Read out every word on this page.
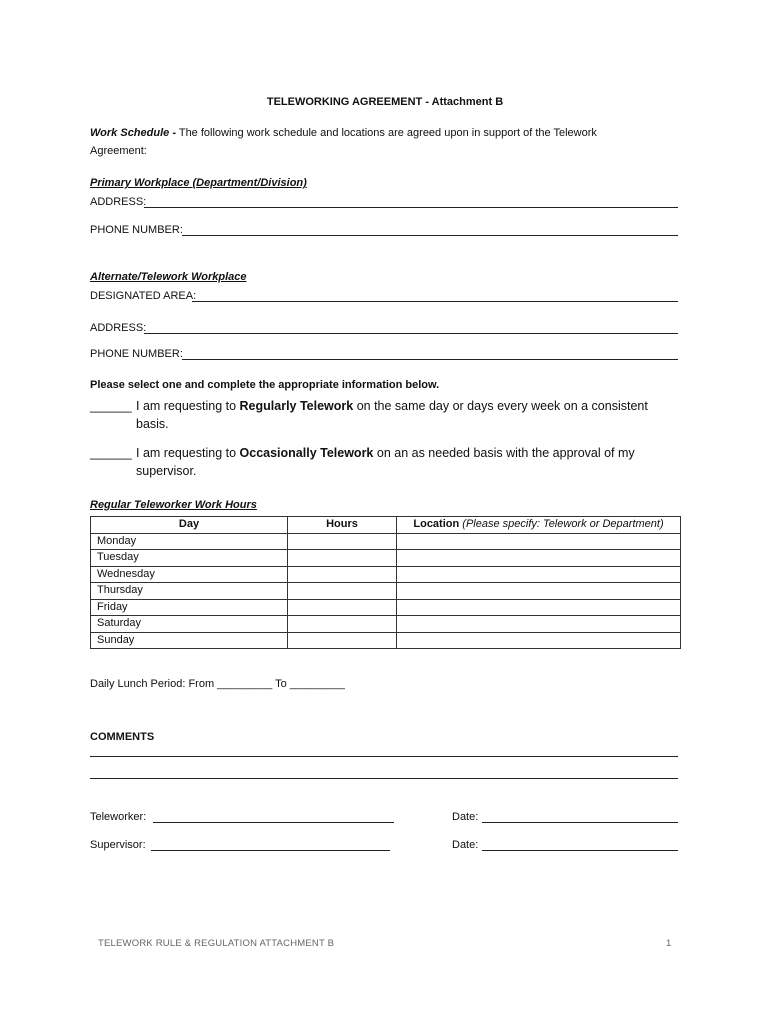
TELEWORKING AGREEMENT - Attachment B
Work Schedule - The following work schedule and locations are agreed upon in support of the Telework
Agreement:
Primary Workplace (Department/Division)
ADDRESS:
PHONE NUMBER:
Alternate/Telework Workplace
DESIGNATED AREA:
ADDRESS:
PHONE NUMBER:
Please select one and complete the appropriate information below.
______ I am requesting to Regularly Telework on the same day or days every week on a consistent
basis.
______ I am requesting to Occasionally Telework on an as needed basis with the approval of my
supervisor.
Regular Teleworker Work Hours
Day	Hours	Location (Please specify: Telework or Department)
Monday		
Tuesday		
Wednesday		
Thursday		
Friday		
Saturday		
Sunday		
Daily Lunch Period: From _________ To _________
COMMENTS
Teleworker:	Date:
Supervisor:	Date:
TELEWORK RULE & REGULATION ATTACHMENT B	1
